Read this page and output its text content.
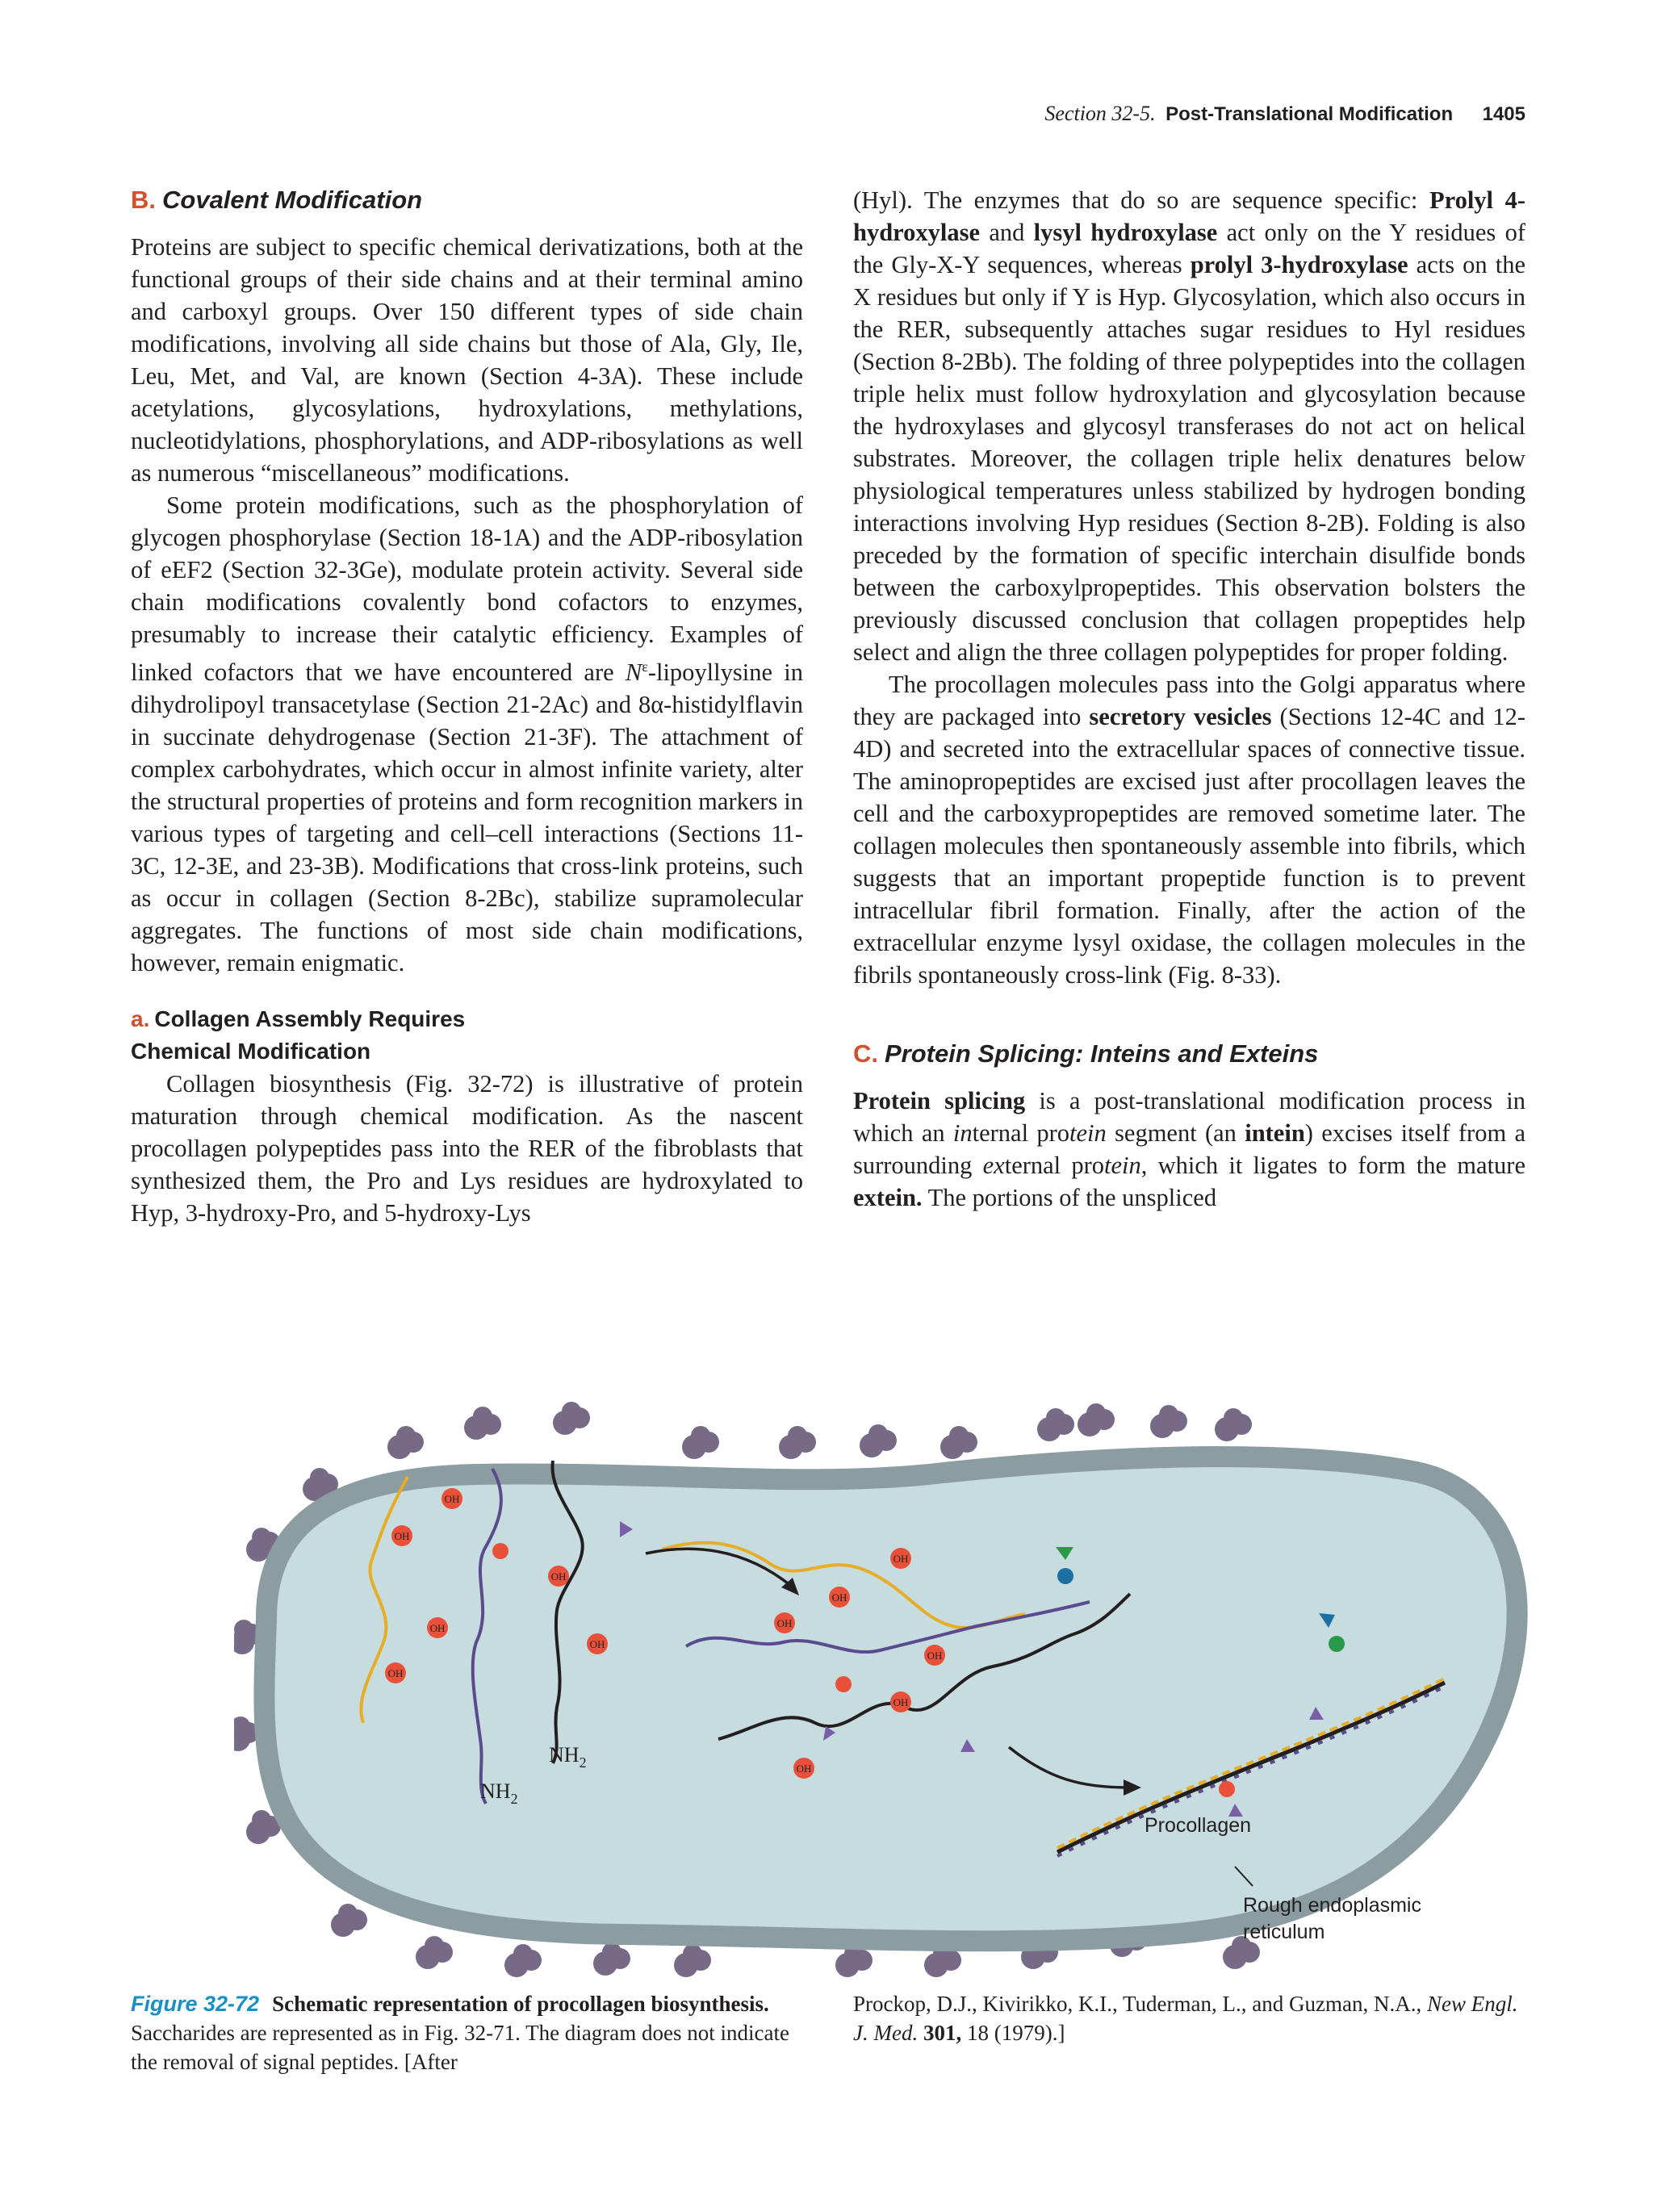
Section 32-5. Post-Translational Modification 1405
B. Covalent Modification

Proteins are subject to specific chemical derivatizations, both at the functional groups of their side chains and at their terminal amino and carboxyl groups. Over 150 different types of side chain modifications, involving all side chains but those of Ala, Gly, Ile, Leu, Met, and Val, are known (Section 4-3A). These include acetylations, glycosylations, hydroxylations, methylations, nucleotidylations, phosphorylations, and ADP-ribosylations as well as numerous “miscellaneous” modifications.

Some protein modifications, such as the phosphorylation of glycogen phosphorylase (Section 18-1A) and the ADP-ribosylation of eEF2 (Section 32-3Ge), modulate protein activity. Several side chain modifications covalently bond cofactors to enzymes, presumably to increase their catalytic efficiency. Examples of linked cofactors that we have encountered are $N^\varepsilon$-lipoyllysine in dihydrolipoyl transacetylase (Section 21-2Ac) and 8α-histidylflavin in succinate dehydrogenase (Section 21-3F). The attachment of complex carbohydrates, which occur in almost infinite variety, alter the structural properties of proteins and form recognition markers in various types of targeting and cell–cell interactions (Sections 11-3C, 12-3E, and 23-3B). Modifications that cross-link proteins, such as occur in collagen (Section 8-2Bc), stabilize supramolecular aggregates. The functions of most side chain modifications, however, remain enigmatic.

a. Collagen Assembly Requires
Chemical Modification

Collagen biosynthesis (Fig. 32-72) is illustrative of protein maturation through chemical modification. As the nascent procollagen polypeptides pass into the RER of the fibroblasts that synthesized them, the Pro and Lys residues are hydroxylated to Hyp, 3-hydroxy-Pro, and 5-hydroxy-Lys

(Hyl). The enzymes that do so are sequence specific: Prolyl 4-hydroxylase and lysyl hydroxylase act only on the Y residues of the Gly-X-Y sequences, whereas prolyl 3-hydroxylase acts on the X residues but only if Y is Hyp. Glycosylation, which also occurs in the RER, subsequently attaches sugar residues to Hyl residues (Section 8-2Bb). The folding of three polypeptides into the collagen triple helix must follow hydroxylation and glycosylation because the hydroxylases and glycosyl transferases do not act on helical substrates. Moreover, the collagen triple helix denatures below physiological temperatures unless stabilized by hydrogen bonding interactions involving Hyp residues (Section 8-2B). Folding is also preceded by the formation of specific interchain disulfide bonds between the carboxylpropeptides. This observation bolsters the previously discussed conclusion that collagen propeptides help select and align the three collagen polypeptides for proper folding.

The procollagen molecules pass into the Golgi apparatus where they are packaged into secretory vesicles (Sections 12-4C and 12-4D) and secreted into the extracellular spaces of connective tissue. The aminopropeptides are excised just after procollagen leaves the cell and the carboxypropeptides are removed sometime later. The collagen molecules then spontaneously assemble into fibrils, which suggests that an important propeptide function is to prevent intracellular fibril formation. Finally, after the action of the extracellular enzyme lysyl oxidase, the collagen molecules in the fibrils spontaneously cross-link (Fig. 8-33).

C. Protein Splicing: Inteins and Exteins

Protein splicing is a post-translational modification process in which an internal protein segment (an intein) excises itself from a surrounding external protein, which it ligates to form the mature extein. The portions of the unspliced

OH
OH
OH
OH
OH
OH
OH
OH
OH
OH
OH
OH
$NH_2$
$NH_2$
Procollagen
Rough endoplasmic
reticulum
Figure 32-72 Schematic representation of procollagen biosynthesis. Saccharides are represented as in Fig. 32-71. The diagram does not indicate the removal of signal peptides. [After
Prockop, D.J., Kivirikko, K.I., Tuderman, L., and Guzman, N.A., New Engl. J. Med. 301, 18 (1979).]
